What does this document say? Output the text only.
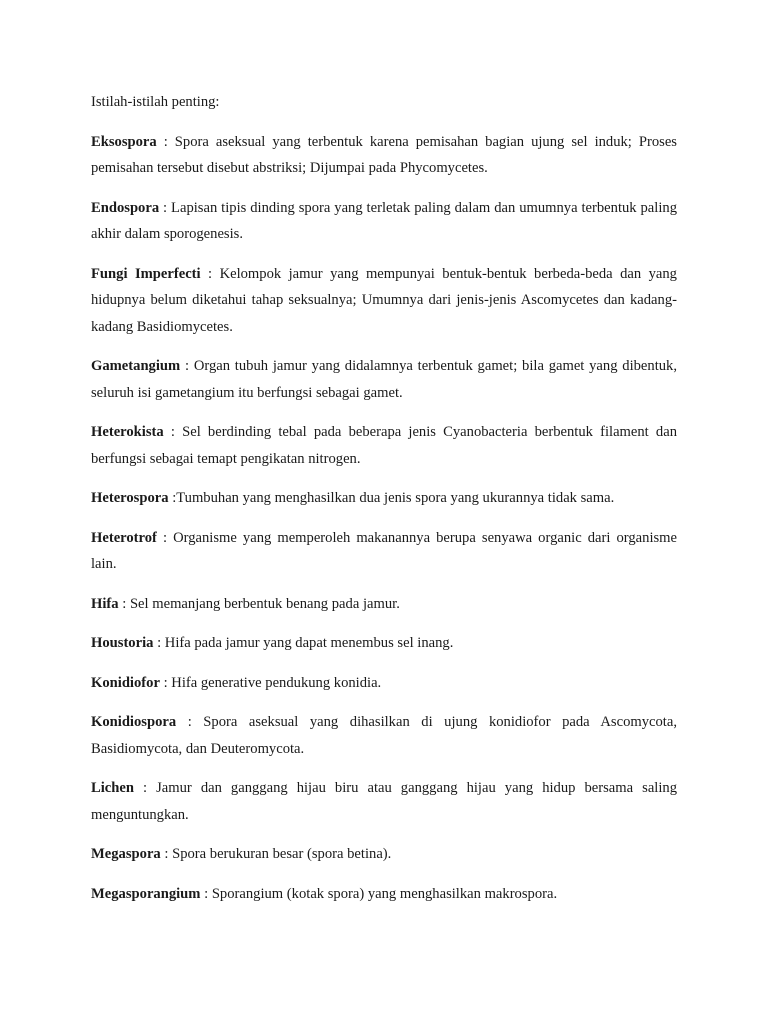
Istilah-istilah penting:

Eksospora : Spora aseksual yang terbentuk karena pemisahan bagian ujung sel induk; Proses pemisahan tersebut disebut abstriksi; Dijumpai pada Phycomycetes.

Endospora : Lapisan tipis dinding spora yang terletak paling dalam dan umumnya terbentuk paling akhir dalam sporogenesis.

Fungi Imperfecti : Kelompok jamur yang mempunyai bentuk-bentuk berbeda-beda dan yang hidupnya belum diketahui tahap seksualnya; Umumnya dari jenis-jenis Ascomycetes dan kadang-kadang Basidiomycetes.

Gametangium : Organ tubuh jamur yang didalamnya terbentuk gamet; bila gamet yang dibentuk, seluruh isi gametangium itu berfungsi sebagai gamet.

Heterokista : Sel berdinding tebal pada beberapa jenis Cyanobacteria berbentuk filament dan berfungsi sebagai temapt pengikatan nitrogen.

Heterospora :Tumbuhan yang menghasilkan dua jenis spora yang ukurannya tidak sama.

Heterotrof : Organisme yang memperoleh makanannya berupa senyawa organic dari organisme lain.

Hifa : Sel memanjang berbentuk benang pada jamur.

Houstoria : Hifa pada jamur yang dapat menembus sel inang.

Konidiofor : Hifa generative pendukung konidia.

Konidiospora : Spora aseksual yang dihasilkan di ujung konidiofor pada Ascomycota, Basidiomycota, dan Deuteromycota.

Lichen : Jamur dan ganggang hijau biru atau ganggang hijau yang hidup bersama saling menguntungkan.

Megaspora : Spora berukuran besar (spora betina).

Megasporangium : Sporangium (kotak spora) yang menghasilkan makrospora.
